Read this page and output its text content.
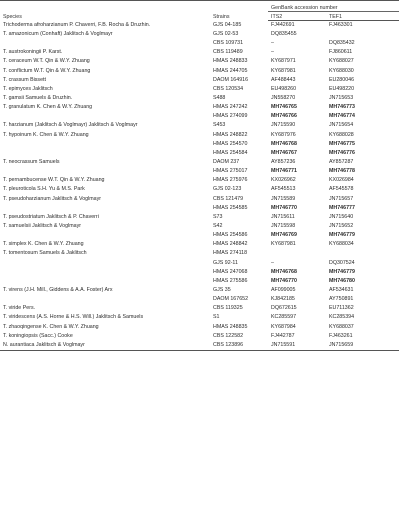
Species	Strains	GenBank accession number	
		ITS2	TEF1
Trichoderma afroharzianum P. Chaverri, F.B. Rocha & Druzhin.	GJS 04-185	FJ442691	FJ463301
T. amazonicum (Conhaft) Jaklitsch & Voglmayr	GJS 02-53	DQ835455	
	CBS 109731	–	DQ835432
T. austrokoningii P. Karst.	CBS 119489	–	FJ860611
T. ceraceum W.T. Qin & W.Y. Zhuang	HMAS 248833	KY687971	KY688027
T. conflictum W.T. Qin & W.Y. Zhuang	HMAS 244705	KY687981	KY688030
T. crassum Bissett	DAOM 164916	AF488443	EU280046
T. epimyces Jaklitsch	CBS 120534	EU498260	EU498220
T. gamsii Samuels & Druzhin.	S488	JN558270	JN715653
T. granulatum K. Chen & W.Y. Zhuang	HMAS 247242	MH746765	MH746773
	HMAS 274099	MH746766	MH746774
T. harzianum (Jaklitsch & Voglmayr) Jaklitsch & Voglmayr	S453	JN715590	JN715654
T. hypoinum K. Chen & W.Y. Zhuang	HMAS 248822	KY687976	KY688028
	HMAS 254570	MH746768	MH746775
	HMAS 254584	MH746767	MH746776
T. neocrassum Samuels	DAOM 237	AY857236	AY857287
	HMAS 275017	MH746771	MH746778
T. pernambucense W.T. Qin & W.Y. Zhuang	HMAS 275976	KX026962	KX026984
T. pleuroticola S.H. Yu & M.S. Park	GJS 02-123	AF545513	AF545578
T. pseudoharzianum Jaklitsch & Voglmayr	CBS 121479	JN715589	JN715657
	HMAS 254585	MH746770	MH746777
T. pseudostriatum Jaklitsch & P. Chaverri	S73	JN715611	JN715640
T. samuelsii Jaklitsch & Voglmayr	S42	JN715598	JN715652
	HMAS 254586	MH746769	MH746779
T. simplex K. Chen & W.Y. Zhuang	HMAS 248842	KY687981	KY688034
T. tomentosum Samuels & Jaklitsch	HMAS 274118		
	GJS 92-11	–	DQ307524
	HMAS 247068	MH746768	MH746779
	HMAS 275586	MH746770	MH746780
T. virens (J.H. Mill., Giddens & A.A. Foster) Arx	GJS 35	AF099005	AF534631
	DAOM 167652	KJ842185	AY750891
T. viride Pers.	CBS 119325	DQ672615	EU711362
T. viridescens (A.S. Horne & H.S. Will.) Jaklitsch & Samuels	S1	KC285597	KC285394
T. zhaoqingense K. Chen & W.Y. Zhuang	HMAS 248835	KY687984	KY688037
T. koningiopsis (Sacc.) Cooke	CBS 122582	FJ442787	FJ463261
N. aurantiaca Jaklitsch & Voglmayr	CBS 123896	JN715591	JN715659
